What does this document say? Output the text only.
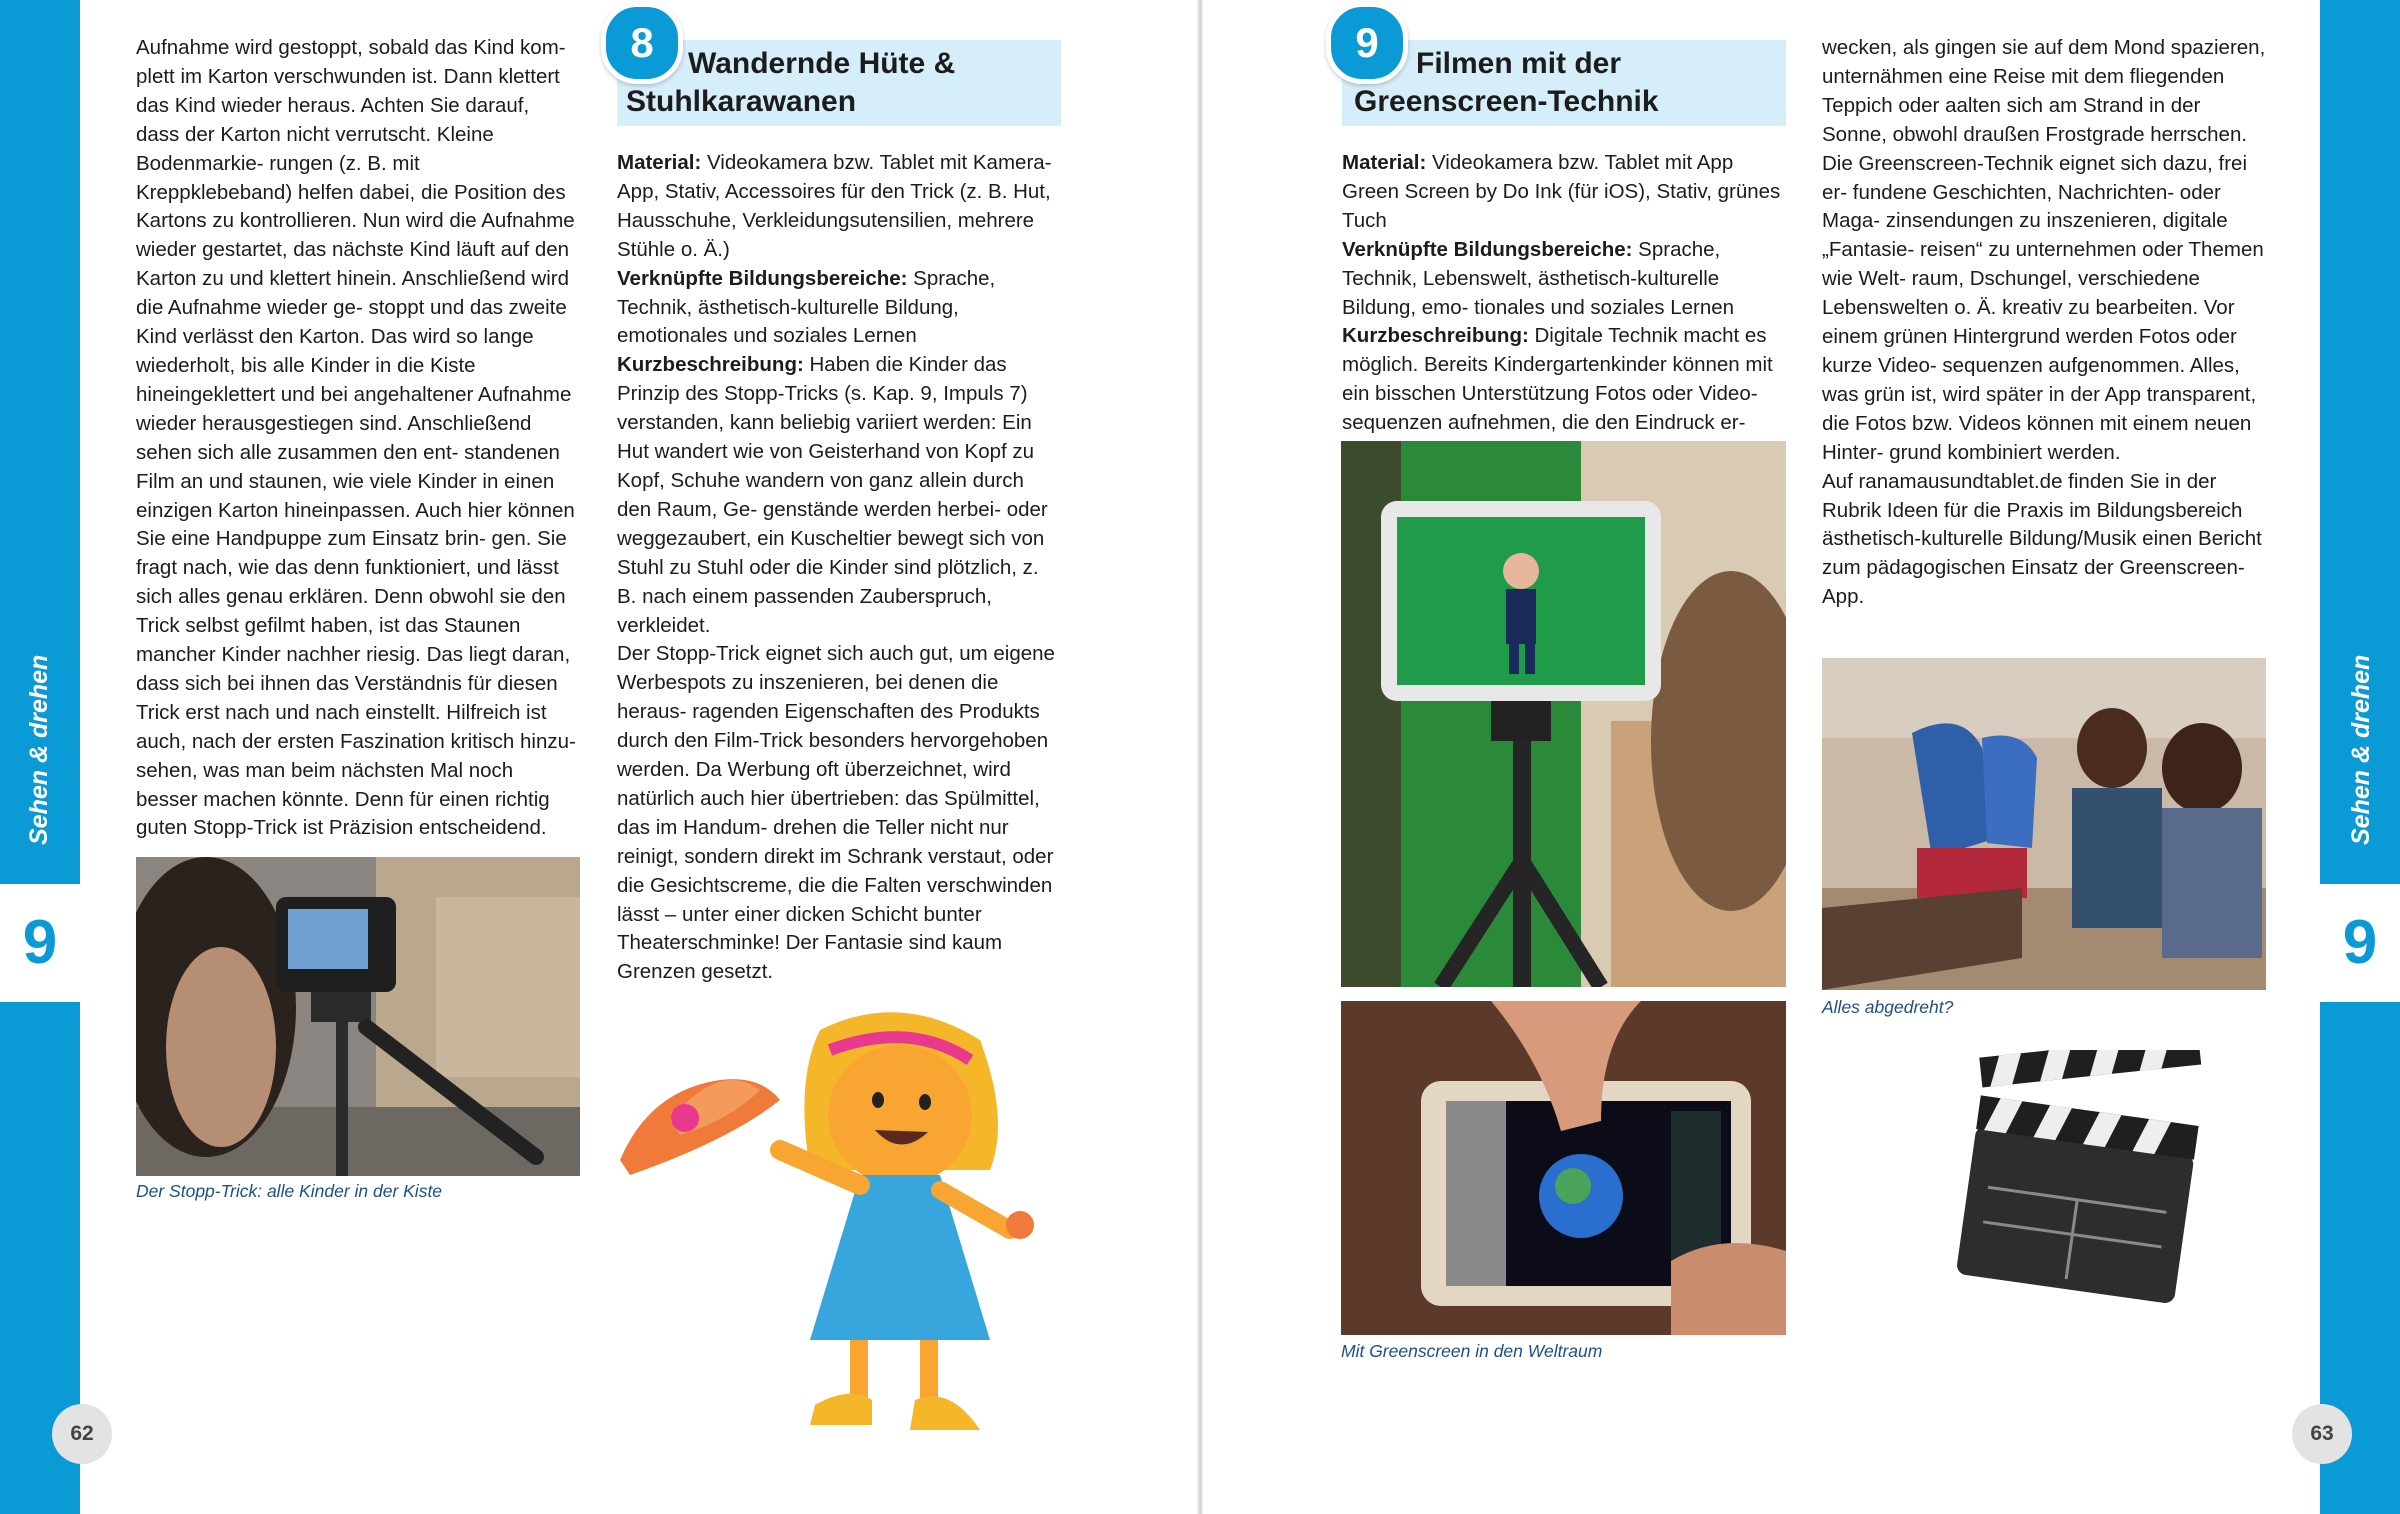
Sehen & drehen
9
62
Sehen & drehen
9
63

Aufnahme wird gestoppt, sobald das Kind kom- plett im Karton verschwunden ist. Dann klettert das Kind wieder heraus. Achten Sie darauf, dass der Karton nicht verrutscht. Kleine Bodenmarkie- rungen (z. B. mit Kreppklebeband) helfen dabei, die Position des Kartons zu kontrollieren. Nun wird die Aufnahme wieder gestartet, das nächste Kind läuft auf den Karton zu und klettert hinein. Anschließend wird die Aufnahme wieder ge- stoppt und das zweite Kind verlässt den Karton. Das wird so lange wiederholt, bis alle Kinder in die Kiste hineingeklettert und bei angehaltener Aufnahme wieder herausgestiegen sind. Anschließend sehen sich alle zusammen den ent- standenen Film an und staunen, wie viele Kinder in einen einzigen Karton hineinpassen. Auch hier können Sie eine Handpuppe zum Einsatz brin- gen. Sie fragt nach, wie das denn funktioniert, und lässt sich alles genau erklären. Denn obwohl sie den Trick selbst gefilmt haben, ist das Staunen mancher Kinder nachher riesig. Das liegt daran, dass sich bei ihnen das Verständnis für diesen Trick erst nach und nach einstellt. Hilfreich ist auch, nach der ersten Faszination kritisch hinzu- sehen, was man beim nächsten Mal noch besser machen könnte. Denn für einen richtig guten Stopp-Trick ist Präzision entscheidend.

Der Stopp-Trick: alle Kinder in der Kiste
8	Wandernde Hüte &
Stuhlkarawanen

Material: Videokamera bzw. Tablet mit Kamera- App, Stativ, Accessoires für den Trick (z. B. Hut, Hausschuhe, Verkleidungsutensilien, mehrere Stühle o. Ä.)

Verknüpfte Bildungsbereiche: Sprache, Technik, ästhetisch-kulturelle Bildung, emotionales und soziales Lernen

Kurzbeschreibung: Haben die Kinder das Prinzip des Stopp-Tricks (s. Kap. 9, Impuls 7) verstanden, kann beliebig variiert werden: Ein Hut wandert wie von Geisterhand von Kopf zu Kopf, Schuhe wandern von ganz allein durch den Raum, Ge- genstände werden herbei- oder weggezaubert, ein Kuscheltier bewegt sich von Stuhl zu Stuhl oder die Kinder sind plötzlich, z. B. nach einem passenden Zauberspruch, verkleidet.

Der Stopp-Trick eignet sich auch gut, um eigene Werbespots zu inszenieren, bei denen die heraus- ragenden Eigenschaften des Produkts durch den Film-Trick besonders hervorgehoben werden. Da Werbung oft überzeichnet, wird natürlich auch hier übertrieben: das Spülmittel, das im Handum- drehen die Teller nicht nur reinigt, sondern direkt im Schrank verstaut, oder die Gesichtscreme, die die Falten verschwinden lässt – unter einer dicken Schicht bunter Theaterschminke! Der Fantasie sind kaum Grenzen gesetzt.

9	Filmen mit der
Greenscreen-Technik

Material: Videokamera bzw. Tablet mit App Green Screen by Do Ink (für iOS), Stativ, grünes Tuch

Verknüpfte Bildungsbereiche: Sprache, Technik, Lebenswelt, ästhetisch-kulturelle Bildung, emo- tionales und soziales Lernen

Kurzbeschreibung: Digitale Technik macht es möglich. Bereits Kindergartenkinder können mit ein bisschen Unterstützung Fotos oder Video- sequenzen aufnehmen, die den Eindruck er-

Mit Greenscreen in den Weltraum

wecken, als gingen sie auf dem Mond spazieren, unternähmen eine Reise mit dem fliegenden Teppich oder aalten sich am Strand in der Sonne, obwohl draußen Frostgrade herrschen. Die Greenscreen-Technik eignet sich dazu, frei er- fundene Geschichten, Nachrichten- oder Maga- zinsendungen zu inszenieren, digitale „Fantasie- reisen“ zu unternehmen oder Themen wie Welt- raum, Dschungel, verschiedene Lebenswelten o. Ä. kreativ zu bearbeiten. Vor einem grünen Hintergrund werden Fotos oder kurze Video- sequenzen aufgenommen. Alles, was grün ist, wird später in der App transparent, die Fotos bzw. Videos können mit einem neuen Hinter- grund kombiniert werden.

Auf ranamausundtablet.de finden Sie in der Rubrik Ideen für die Praxis im Bildungsbereich ästhetisch-kulturelle Bildung/Musik einen Bericht zum pädagogischen Einsatz der Greenscreen- App.

Alles abgedreht?
